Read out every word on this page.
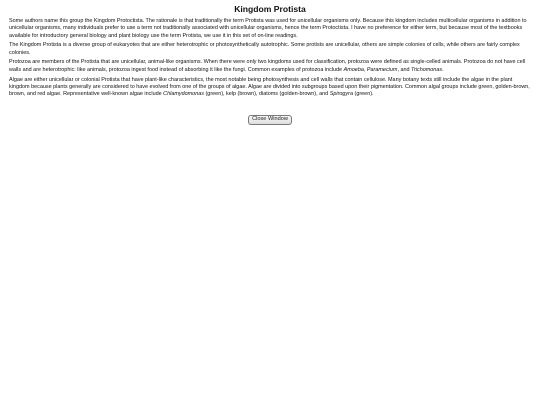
Kingdom Protista

Some authors name this group the Kingdom Protoctista. The rationale is that traditionally the term Protista was used for unicellular organisms only. Because this kingdom includes multicellular organisms in addition to unicellular organisms, many individuals prefer to use a term not traditionally associated with unicellular organisms, hence the term Protoctista. I have no preference for either term, but because most of the textbooks available for introductory general biology and plant biology use the term Protista, we use it in this set of on-line readings.

The Kingdom Protista is a diverse group of eukaryotes that are either heterotrophic or photosynthetically autotrophic. Some protists are unicellular, others are simple colonies of cells, while others are fairly complex colonies.

Protozoa are members of the Protista that are unicellular, animal-like organisms. When there were only two kingdoms used for classification, protozoa were defined as single-celled animals. Protozoa do not have cell walls and are heterotrophic: like animals, protozoa ingest food instead of absorbing it like the fungi. Common examples of protozoa include Amoeba, Paramecium, and Trichomonas.

Algae are either unicellular or colonial Protista that have plant-like characteristics, the most notable being photosynthesis and cell walls that contain cellulose. Many botany texts still include the algae in the plant kingdom because plants generally are considered to have evolved from one of the groups of algae. Algae are divided into subgroups based upon their pigmentation. Common algal groups include green, golden-brown, brown, and red algae. Representative well-known algae include Chlamydomonas (green), kelp (brown), diatoms (golden-brown), and Spirogyra (green).

Close Window
